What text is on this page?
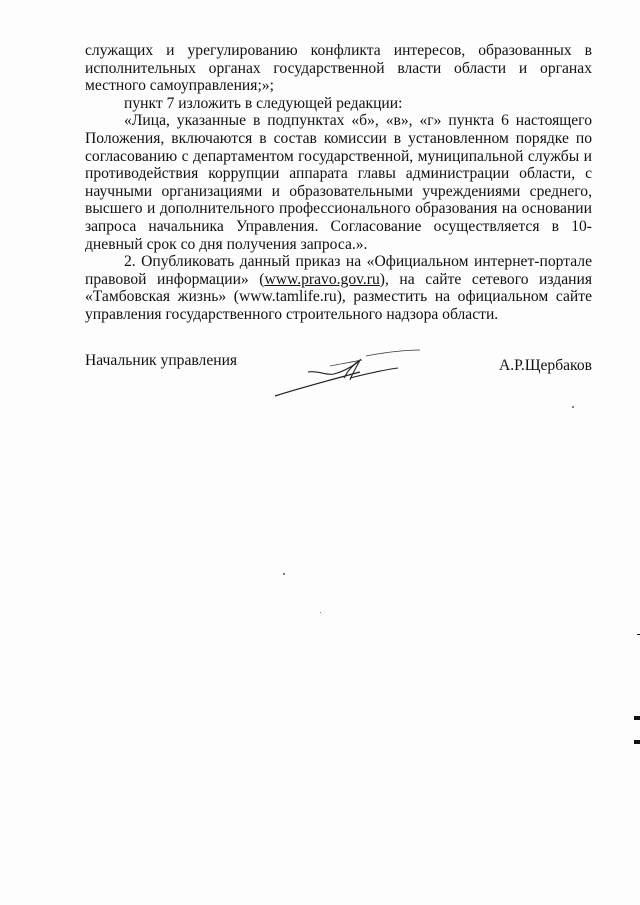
служащих и урегулированию конфликта интересов, образованных в исполнительных органах государственной власти области и органах местного самоуправления;»;

пункт 7 изложить в следующей редакции:

«Лица, указанные в подпунктах «б», «в», «г» пункта 6 настоящего Положения, включаются в состав комиссии в установленном порядке по согласованию с департаментом государственной, муниципальной службы и противодействия коррупции аппарата главы администрации области, с научными организациями и образовательными учреждениями среднего, высшего и дополнительного профессионального образования на основании запроса начальника Управления. Согласование осуществляется в 10-дневный срок со дня получения запроса.».

2. Опубликовать данный приказ на «Официальном интернет-портале правовой информации» (www.pravo.gov.ru), на сайте сетевого издания «Тамбовская жизнь» (www.tamlife.ru), разместить на официальном сайте управления государственного строительного надзора области.

Начальник управления	А.Р.Щербаков
